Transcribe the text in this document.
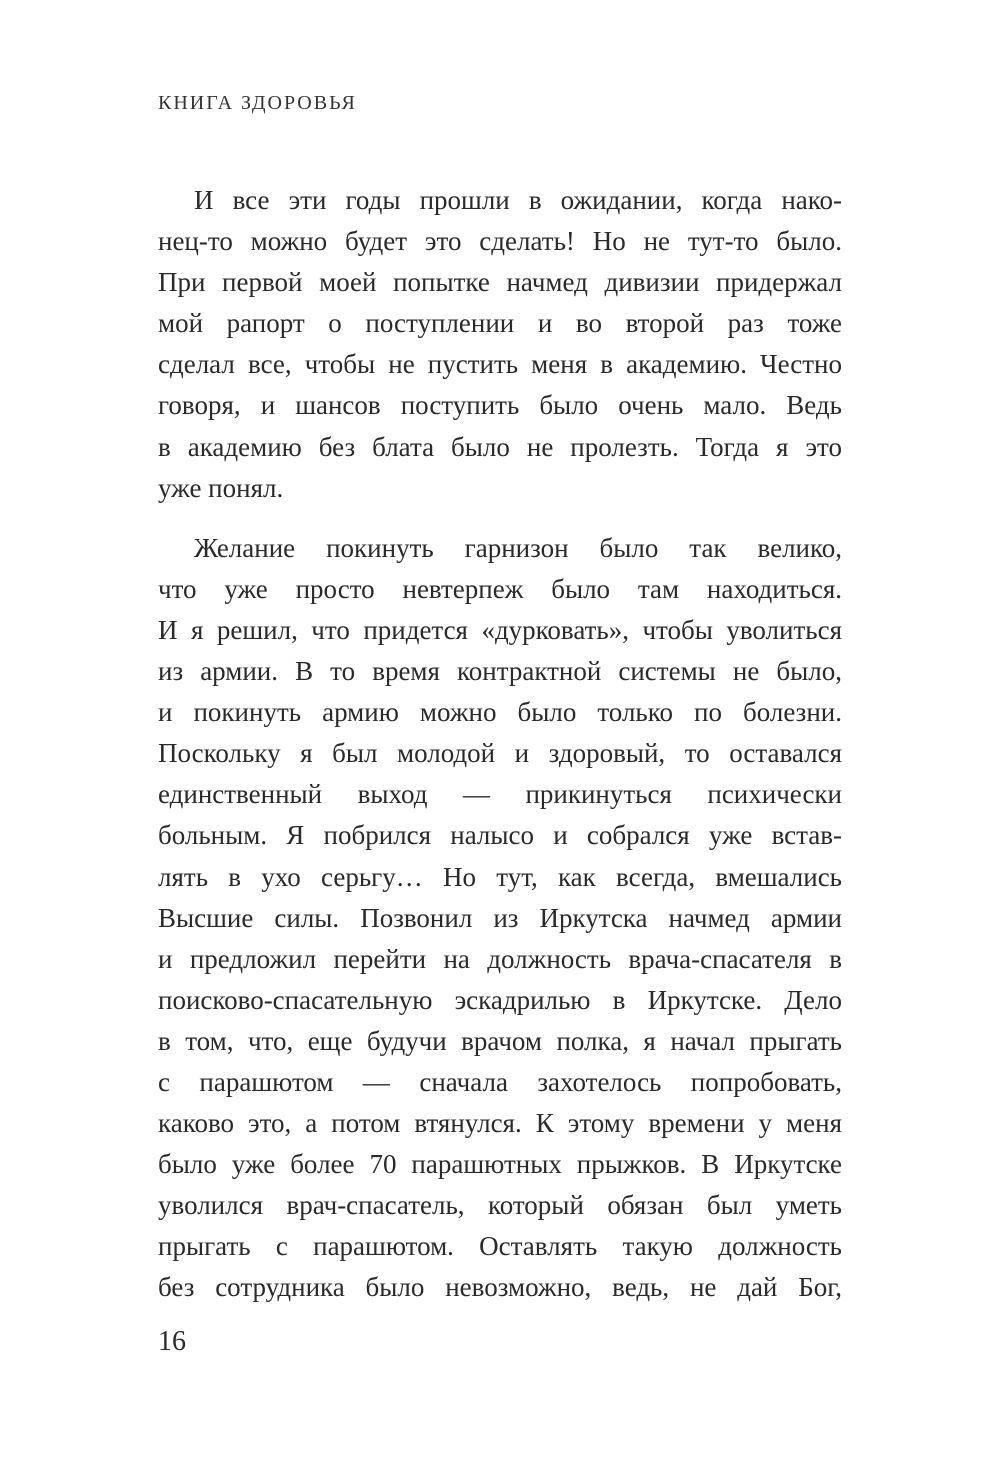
КНИГА ЗДОРОВЬЯ
И все эти годы прошли в ожидании, когда нако-
нец-то можно будет это сделать! Но не тут-то было.
При первой моей попытке начмед дивизии придержал
мой рапорт о поступлении и во второй раз тоже
сделал все, чтобы не пустить меня в академию. Честно
говоря, и шансов поступить было очень мало. Ведь
в академию без блата было не пролезть. Тогда я это
уже понял.
Желание покинуть гарнизон было так велико,
что уже просто невтерпеж было там находиться.
И я решил, что придется «дурковать», чтобы уволиться
из армии. В то время контрактной системы не было,
и покинуть армию можно было только по болезни.
Поскольку я был молодой и здоровый, то оставался
единственный выход — прикинуться психически
больным. Я побрился налысо и собрался уже встав-
лять в ухо серьгу… Но тут, как всегда, вмешались
Высшие силы. Позвонил из Иркутска начмед армии
и предложил перейти на должность врача-спасателя в
поисково-спасательную эскадрилью в Иркутске. Дело
в том, что, еще будучи врачом полка, я начал прыгать
с парашютом — сначала захотелось попробовать,
каково это, а потом втянулся. К этому времени у меня
было уже более 70 парашютных прыжков. В Иркутске
уволился врач-спасатель, который обязан был уметь
прыгать с парашютом. Оставлять такую должность
без сотрудника было невозможно, ведь, не дай Бог,
16
